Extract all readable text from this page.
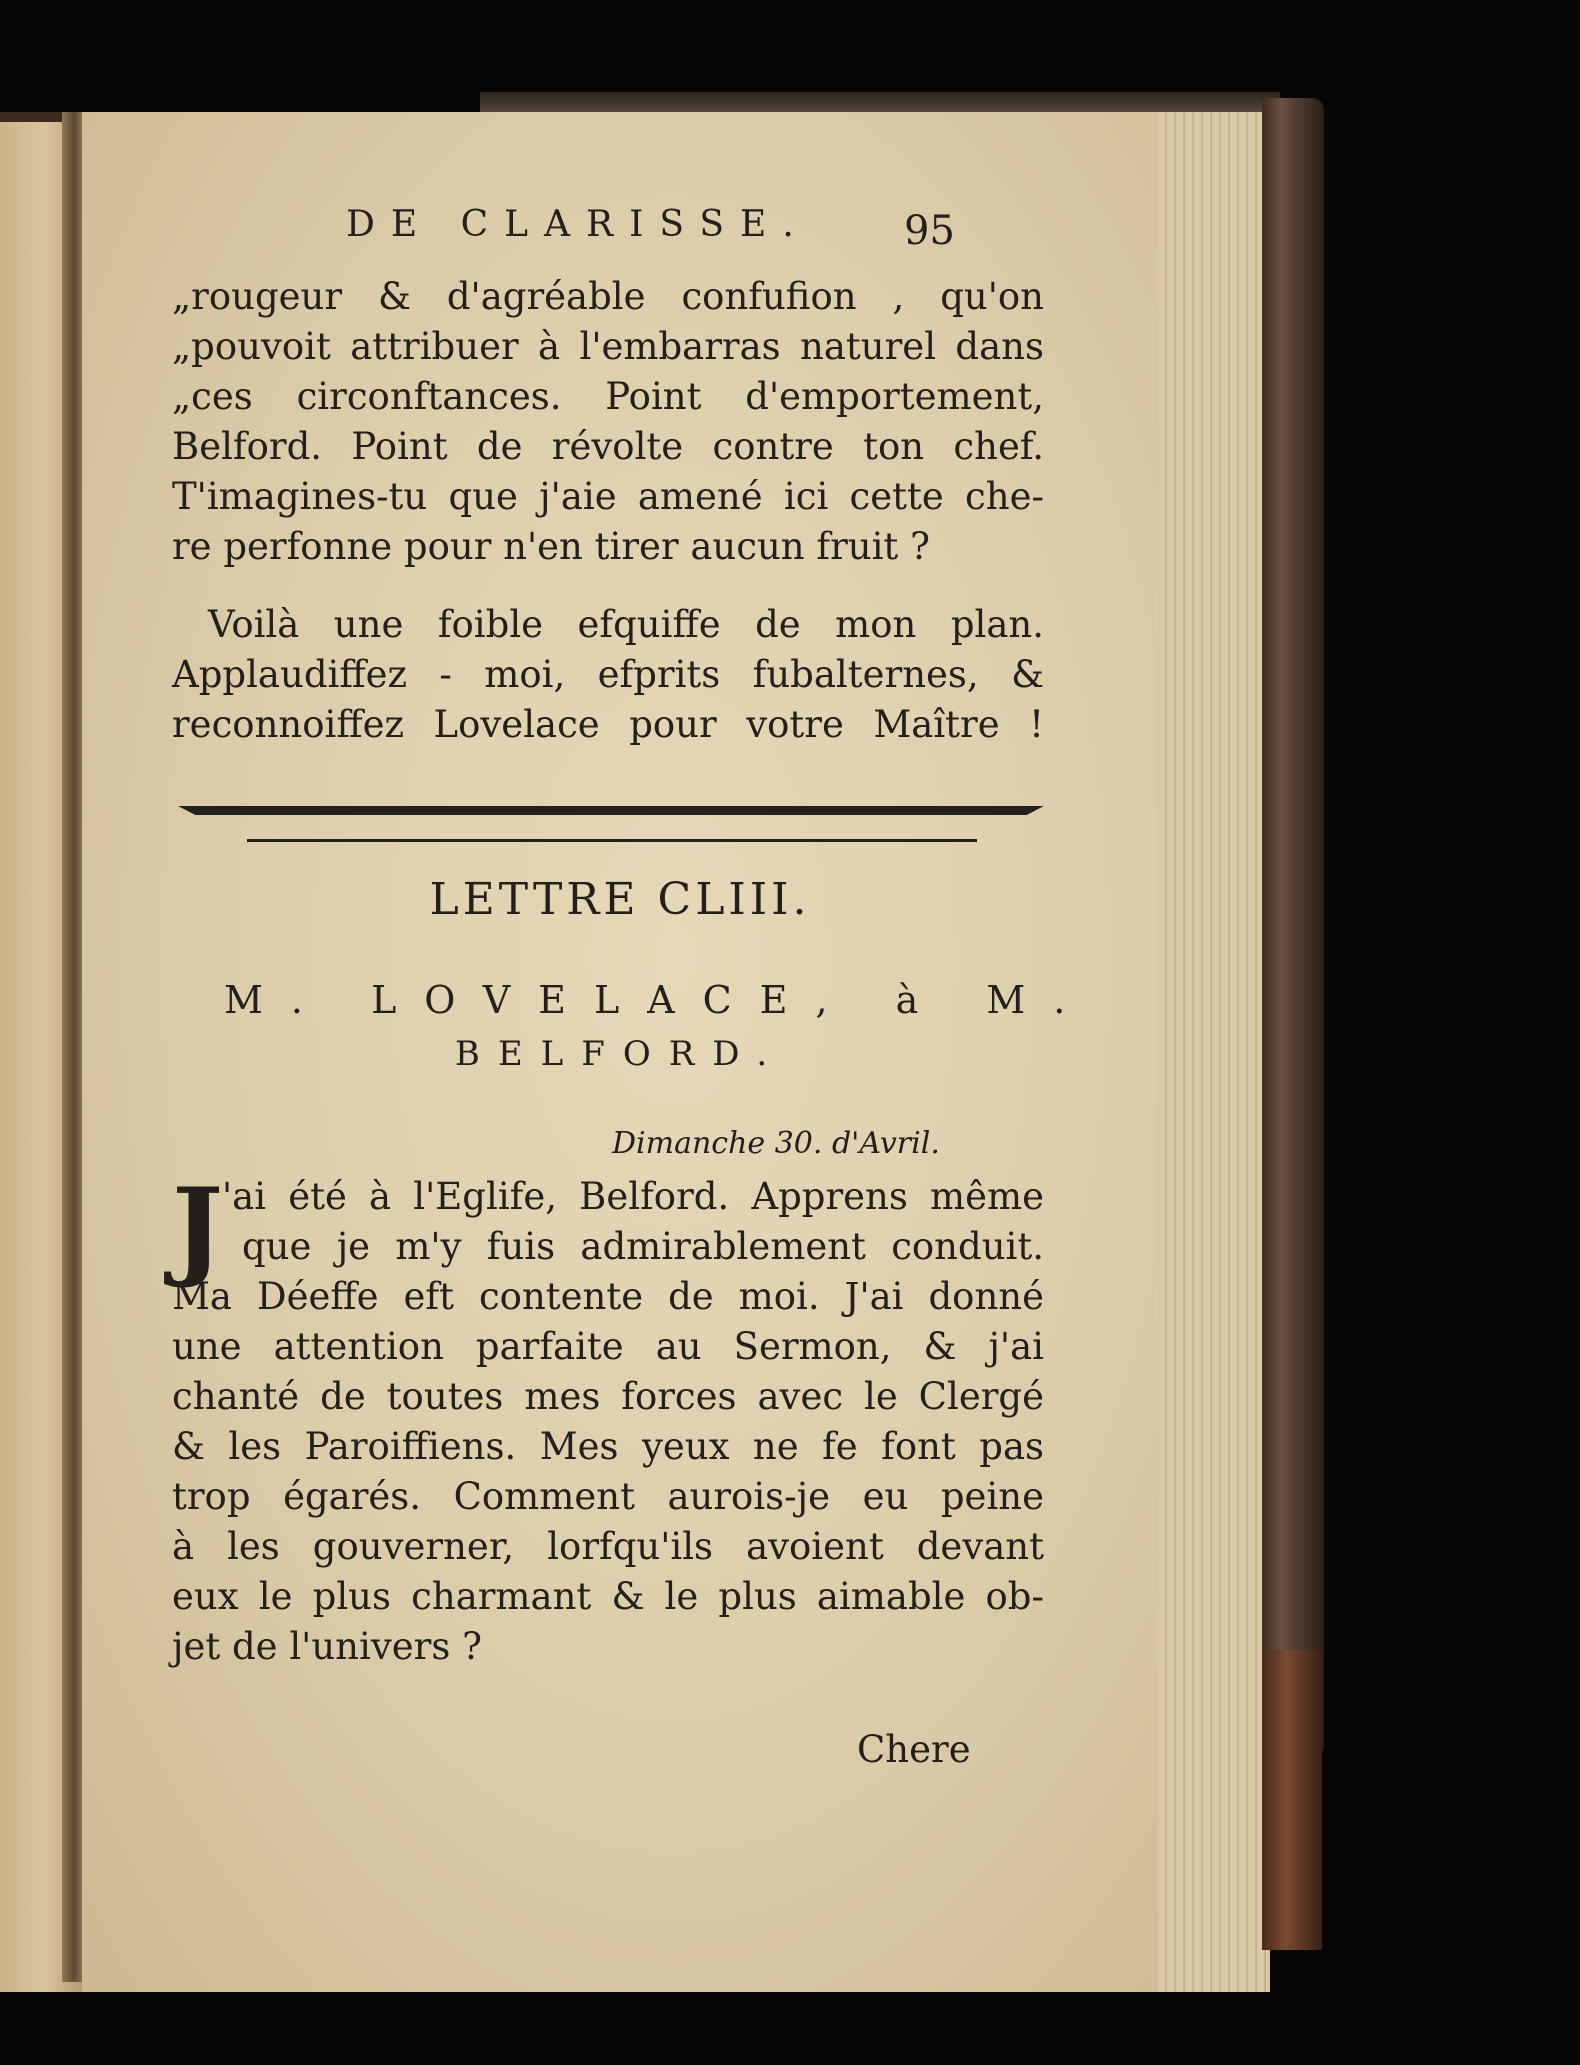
DE CLARISSE. 95
„rougeur & d'agréable confufion , qu'on
„pouvoit attribuer à l'embarras naturel dans
„ces circonftances. Point d'emportement,
Belford. Point de révolte contre ton chef.
T'imagines-tu que j'aie amené ici cette che-
re perfonne pour n'en tirer aucun fruit ?
Voilà une foible efquiffe de mon plan.
Applaudiffez - moi, efprits fubalternes, &
reconnoiffez Lovelace pour votre Maître !
LETTRE CLIII.
M. LOVELACE, à M.
BELFORD.
Dimanche 30. d'Avril.
J
'ai été à l'Eglife, Belford. Apprens même
que je m'y fuis admirablement conduit.
Ma Déeffe eft contente de moi. J'ai donné
une attention parfaite au Sermon, & j'ai
chanté de toutes mes forces avec le Clergé
& les Paroiffiens. Mes yeux ne fe font pas
trop égarés. Comment aurois-je eu peine
à les gouverner, lorfqu'ils avoient devant
eux le plus charmant & le plus aimable ob-
jet de l'univers ?
Chere
